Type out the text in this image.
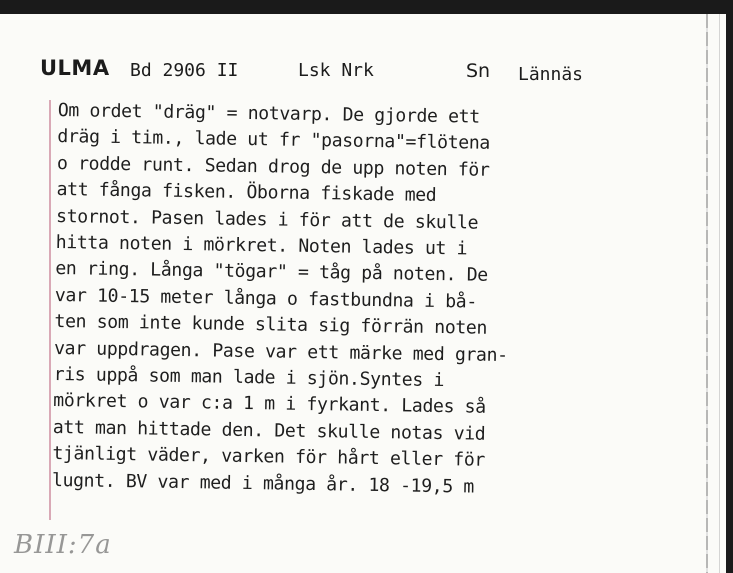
ULMA Bd 2906 II	Lsk Nrk	Sn Lännäs
Om ordet "dräg" = notvarp. De gjorde ett
dräg i tim., lade ut fr "pasorna"=flötena
o rodde runt. Sedan drog de upp noten för
att fånga fisken. Öborna fiskade med
stornot. Pasen lades i för att de skulle
hitta noten i mörkret. Noten lades ut i
en ring. Långa "tögar" = tåg på noten. De
var 10-15 meter långa o fastbundna i bå-
ten som inte kunde slita sig förrän noten
var uppdragen. Pase var ett märke med gran-
ris uppå som man lade i sjön.Syntes i
mörkret o var c:a 1 m i fyrkant. Lades så
att man hittade den. Det skulle notas vid
tjänligt väder, varken för hårt eller för
lugnt. BV var med i många år. 18 -19,5 m
BIII:7a
